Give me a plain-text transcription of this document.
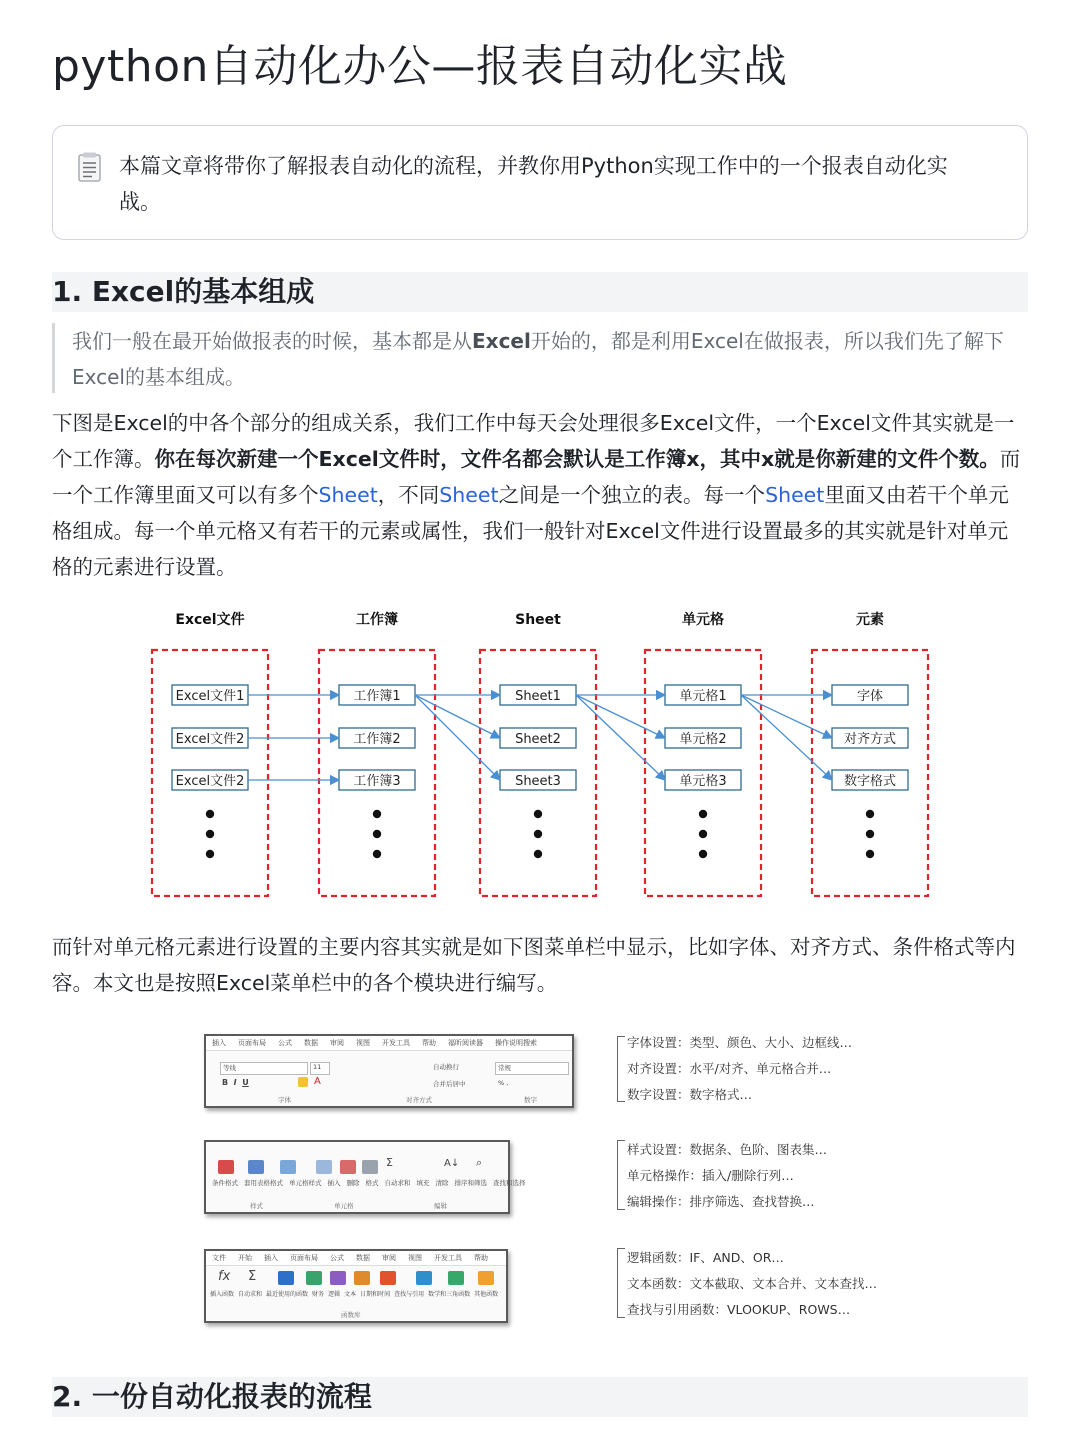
python自动化办公—报表自动化实战
本篇文章将带你了解报表自动化的流程，并教你用Python实现工作中的一个报表自动化实战。
1. Excel的基本组成
我们一般在最开始做报表的时候，基本都是从Excel开始的，都是利用Excel在做报表，所以我们先了解下Excel的基本组成。
下图是Excel的中各个部分的组成关系，我们工作中每天会处理很多Excel文件，一个Excel文件其实就是一个工作簿。你在每次新建一个Excel文件时，文件名都会默认是工作簿x，其中x就是你新建的文件个数。而一个工作簿里面又可以有多个Sheet，不同Sheet之间是一个独立的表。每一个Sheet里面又由若干个单元格组成。每一个单元格又有若干的元素或属性，我们一般针对Excel文件进行设置最多的其实就是针对单元格的元素进行设置。
Excel文件
Excel文件1
Excel文件2
Excel文件2
工作簿
工作簿1
工作簿2
工作簿3
Sheet
Sheet1
Sheet2
Sheet3
单元格
单元格1
单元格2
单元格3
元素
字体
对齐方式
数字格式
而针对单元格元素进行设置的主要内容其实就是如下图菜单栏中显示，比如字体、对齐方式、条件格式等内容。本文也是按照Excel菜单栏中的各个模块进行编写。
插入 页面布局 公式 数据 审阅 视图 开发工具 帮助 福昕阅读器 操作说明搜索
等线	11
B  I U	A
自动换行
合并后居中
常规
% ,
字体	对齐方式	数字
字体设置：类型、颜色、大小、边框线…
对齐设置：水平/对齐、单元格合并…
数字设置：数字格式…
Σ	A↓ ⌕
条件格式 套用表格格式 单元格样式 插入 删除 格式 自动求和 填充 清除 排序和筛选 查找和选择
样式	单元格	编辑
样式设置：数据条、色阶、图表集…
单元格操作：插入/删除行列…
编辑操作：排序筛选、查找替换…
文件 开始 插入 页面布局 公式 数据 审阅 视图 开发工具 帮助
fx Σ
插入函数 自动求和 最近使用的函数 财务 逻辑 文本 日期和时间 查找与引用 数学和三角函数 其他函数
函数库
逻辑函数：IF、AND、OR…
文本函数：文本截取、文本合并、文本查找…
查找与引用函数：VLOOKUP、ROWS…
2. 一份自动化报表的流程
